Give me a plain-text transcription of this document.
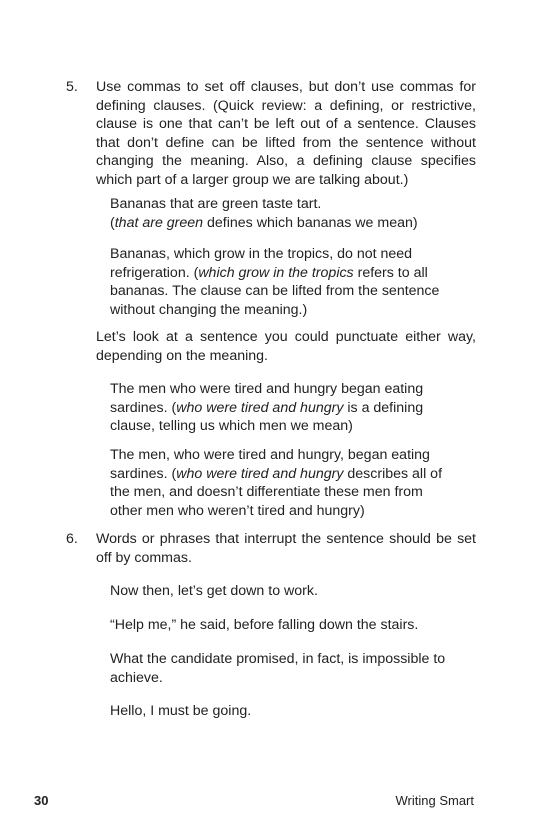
5. Use commas to set off clauses, but don’t use commas for defining clauses. (Quick review: a defining, or restrictive, clause is one that can’t be left out of a sentence. Clauses that don’t define can be lifted from the sentence without changing the meaning. Also, a defining clause specifies which part of a larger group we are talking about.)
Bananas that are green taste tart.
(that are green defines which bananas we mean)
Bananas, which grow in the tropics, do not need refrigeration. (which grow in the tropics refers to all bananas. The clause can be lifted from the sentence without changing the meaning.)
Let’s look at a sentence you could punctuate either way, depending on the meaning.
The men who were tired and hungry began eating sardines. (who were tired and hungry is a defining clause, telling us which men we mean)
The men, who were tired and hungry, began eating sardines. (who were tired and hungry describes all of the men, and doesn’t differentiate these men from other men who weren’t tired and hungry)
6. Words or phrases that interrupt the sentence should be set off by commas.
Now then, let’s get down to work.
“Help me,” he said, before falling down the stairs.
What the candidate promised, in fact, is impossible to achieve.
Hello, I must be going.
30	Writing Smart
